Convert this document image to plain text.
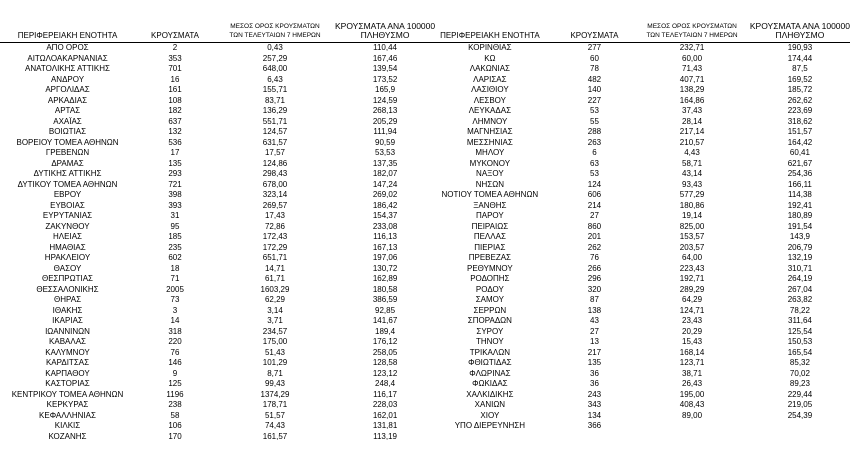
ΠΕΡΙΦΕΡΕΙΑΚΗ ΕΝΟΤΗΤΑ	ΚΡΟΥΣΜΑΤΑ	ΜΕΣΟΣ ΟΡΟΣ ΚΡΟΥΣΜΑΤΩΝ
ΤΩΝ ΤΕΛΕΥΤΑΙΩΝ 7 ΗΜΕΡΩΝ	ΚΡΟΥΣΜΑΤΑ ΑΝΑ 100000
ΠΛΗΘΥΣΜΟ
ΑΠΟ ΟΡΟΣ	2	0,43	110,44
ΑΙΤΩΛΟΑΚΑΡΝΑΝΙΑΣ	353	257,29	167,46
ΑΝΑΤΟΛΙΚΗΣ ΑΤΤΙΚΗΣ	701	648,00	139,54
ΑΝΔΡΟΥ	16	6,43	173,52
ΑΡΓΟΛΙΔΑΣ	161	155,71	165,9
ΑΡΚΑΔΙΑΣ	108	83,71	124,59
ΑΡΤΑΣ	182	136,29	268,13
ΑΧΑΪΑΣ	637	551,71	205,29
ΒΟΙΩΤΙΑΣ	132	124,57	111,94
ΒΟΡΕΙΟΥ ΤΟΜΕΑ ΑΘΗΝΩΝ	536	631,57	90,59
ΓΡΕΒΕΝΩΝ	17	17,57	53,53
ΔΡΑΜΑΣ	135	124,86	137,35
ΔΥΤΙΚΗΣ ΑΤΤΙΚΗΣ	293	298,43	182,07
ΔΥΤΙΚΟΥ ΤΟΜΕΑ ΑΘΗΝΩΝ	721	678,00	147,24
ΕΒΡΟΥ	398	323,14	269,02
ΕΥΒΟΙΑΣ	393	269,57	186,42
ΕΥΡΥΤΑΝΙΑΣ	31	17,43	154,37
ΖΑΚΥΝΘΟΥ	95	72,86	233,08
ΗΛΕΙΑΣ	185	172,43	116,13
ΗΜΑΘΙΑΣ	235	172,29	167,13
ΗΡΑΚΛΕΙΟΥ	602	651,71	197,06
ΘΑΣΟΥ	18	14,71	130,72
ΘΕΣΠΡΩΤΙΑΣ	71	61,71	162,89
ΘΕΣΣΑΛΟΝΙΚΗΣ	2005	1603,29	180,58
ΘΗΡΑΣ	73	62,29	386,59
ΙΘΑΚΗΣ	3	3,14	92,85
ΙΚΑΡΙΑΣ	14	3,71	141,67
ΙΩΑΝΝΙΝΩΝ	318	234,57	189,4
ΚΑΒΑΛΑΣ	220	175,00	176,12
ΚΑΛΥΜΝΟΥ	76	51,43	258,05
ΚΑΡΔΙΤΣΑΣ	146	101,29	128,58
ΚΑΡΠΑΘΟΥ	9	8,71	123,12
ΚΑΣΤΟΡΙΑΣ	125	99,43	248,4
ΚΕΝΤΡΙΚΟΥ ΤΟΜΕΑ ΑΘΗΝΩΝ	1196	1374,29	116,17
ΚΕΡΚΥΡΑΣ	238	178,71	228,03
ΚΕΦΑΛΛΗΝΙΑΣ	58	51,57	162,01
ΚΙΛΚΙΣ	106	74,43	131,81
ΚΟΖΑΝΗΣ	170	161,57	113,19
ΠΕΡΙΦΕΡΕΙΑΚΗ ΕΝΟΤΗΤΑ	ΚΡΟΥΣΜΑΤΑ	ΜΕΣΟΣ ΟΡΟΣ ΚΡΟΥΣΜΑΤΩΝ
ΤΩΝ ΤΕΛΕΥΤΑΙΩΝ 7 ΗΜΕΡΩΝ	ΚΡΟΥΣΜΑΤΑ ΑΝΑ 100000
ΠΛΗΘΥΣΜΟ
ΚΟΡΙΝΘΙΑΣ	277	232,71	190,93
ΚΩ	60	60,00	174,44
ΛΑΚΩΝΙΑΣ	78	71,43	87,5
ΛΑΡΙΣΑΣ	482	407,71	169,52
ΛΑΣΙΘΙΟΥ	140	138,29	185,72
ΛΕΣΒΟΥ	227	164,86	262,62
ΛΕΥΚΑΔΑΣ	53	37,43	223,69
ΛΗΜΝΟΥ	55	28,14	318,62
ΜΑΓΝΗΣΙΑΣ	288	217,14	151,57
ΜΕΣΣΗΝΙΑΣ	263	210,57	164,42
ΜΗΛΟΥ	6	4,43	60,41
ΜΥΚΟΝΟΥ	63	58,71	621,67
ΝΑΞΟΥ	53	43,14	254,36
ΝΗΣΩΝ	124	93,43	166,11
ΝΟΤΙΟΥ ΤΟΜΕΑ ΑΘΗΝΩΝ	606	577,29	114,38
ΞΑΝΘΗΣ	214	180,86	192,41
ΠΑΡΟΥ	27	19,14	180,89
ΠΕΙΡΑΙΩΣ	860	825,00	191,54
ΠΕΛΛΑΣ	201	153,57	143,9
ΠΙΕΡΙΑΣ	262	203,57	206,79
ΠΡΕΒΕΖΑΣ	76	64,00	132,19
ΡΕΘΥΜΝΟΥ	266	223,43	310,71
ΡΟΔΟΠΗΣ	296	192,71	264,19
ΡΟΔΟΥ	320	289,29	267,04
ΣΑΜΟΥ	87	64,29	263,82
ΣΕΡΡΩΝ	138	124,71	78,22
ΣΠΟΡΑΔΩΝ	43	23,43	311,64
ΣΥΡΟΥ	27	20,29	125,54
ΤΗΝΟΥ	13	15,43	150,53
ΤΡΙΚΑΛΩΝ	217	168,14	165,54
ΦΘΙΩΤΙΔΑΣ	135	123,71	85,32
ΦΛΩΡΙΝΑΣ	36	38,71	70,02
ΦΩΚΙΔΑΣ	36	26,43	89,23
ΧΑΛΚΙΔΙΚΗΣ	243	195,00	229,44
ΧΑΝΙΩΝ	343	408,43	219,05
ΧΙΟΥ	134	89,00	254,39
ΥΠΟ ΔΙΕΡΕΥΝΗΣΗ	366		
